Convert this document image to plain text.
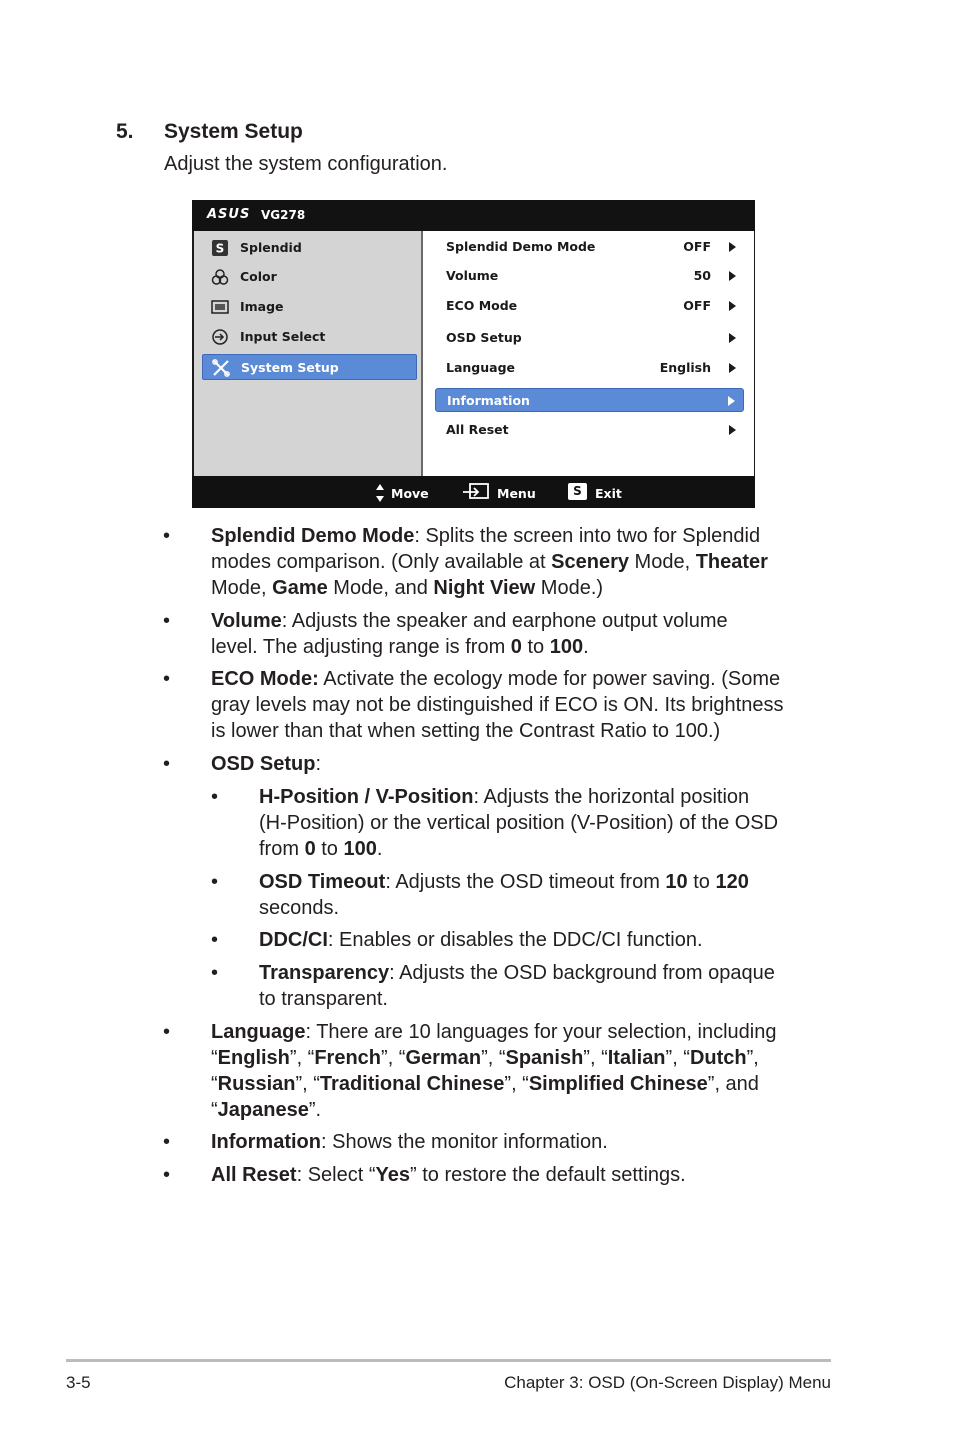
5. System Setup
Adjust the system configuration.
ASUS VG278
S Splendid
Color
Image
Input Select
System Setup
Splendid Demo Mode	OFF
Volume	50
ECO Mode	OFF
OSD Setup
Language	English
Information
All Reset
Move	Menu	S	Exit
• Splendid Demo Mode: Splits the screen into two for Splendid
modes comparison. (Only available at Scenery Mode, Theater
Mode, Game Mode, and Night View Mode.)
• Volume: Adjusts the speaker and earphone output volume
level. The adjusting range is from 0 to 100.
• ECO Mode: Activate the ecology mode for power saving. (Some
gray levels may not be distinguished if ECO is ON. Its brightness
is lower than that when setting the Contrast Ratio to 100.)
• OSD Setup:
• H-Position / V-Position: Adjusts the horizontal position
(H-Position) or the vertical position (V-Position) of the OSD
from 0 to 100.
• OSD Timeout: Adjusts the OSD timeout from 10 to 120
seconds.
• DDC/CI: Enables or disables the DDC/CI function.
• Transparency: Adjusts the OSD background from opaque
to transparent.
• Language: There are 10 languages for your selection, including
“English”, “French”, “German”, “Spanish”, “Italian”, “Dutch”,
“Russian”, “Traditional Chinese”, “Simplified Chinese”, and
“Japanese”.
• Information: Shows the monitor information.
• All Reset: Select “Yes” to restore the default settings.
3-5	Chapter 3: OSD (On-Screen Display) Menu
